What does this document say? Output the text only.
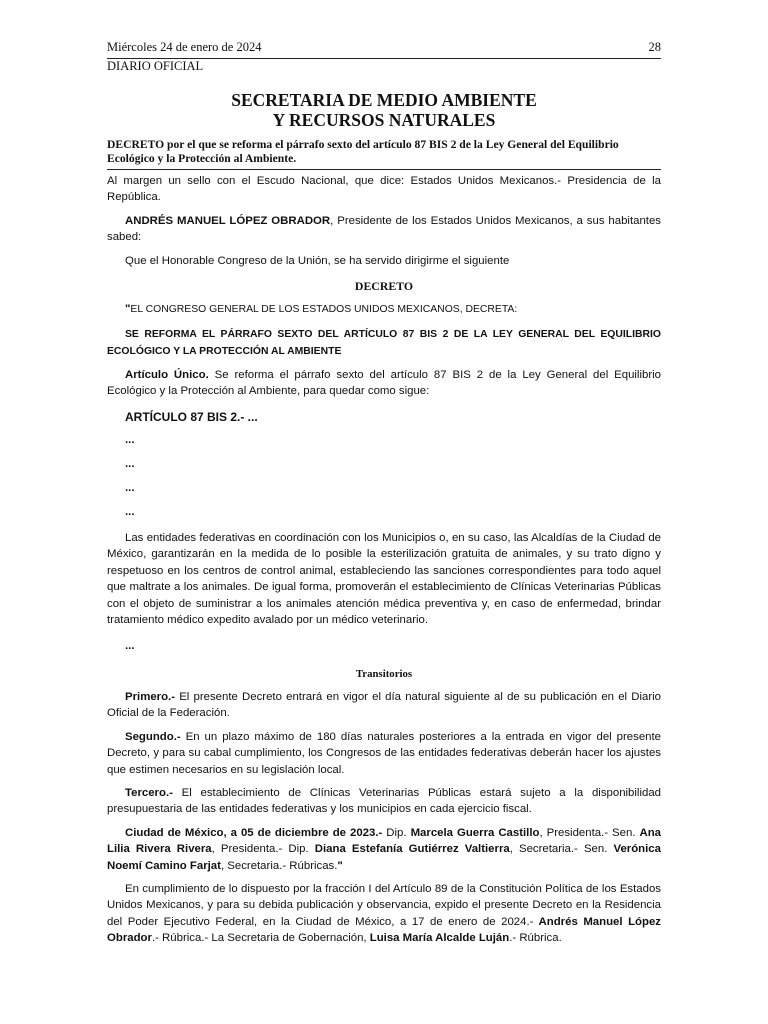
Miércoles 24 de enero de 2024	28
DIARIO OFICIAL
SECRETARIA DE MEDIO AMBIENTE
Y RECURSOS NATURALES
DECRETO por el que se reforma el párrafo sexto del artículo 87 BIS 2 de la Ley General del Equilibrio Ecológico y la Protección al Ambiente.

Al margen un sello con el Escudo Nacional, que dice: Estados Unidos Mexicanos.- Presidencia de la República.

ANDRÉS MANUEL LÓPEZ OBRADOR, Presidente de los Estados Unidos Mexicanos, a sus habitantes sabed:

Que el Honorable Congreso de la Unión, se ha servido dirigirme el siguiente

DECRETO

"EL CONGRESO GENERAL DE LOS ESTADOS UNIDOS MEXICANOS, DECRETA:

SE REFORMA EL PÁRRAFO SEXTO DEL ARTÍCULO 87 BIS 2 DE LA LEY GENERAL DEL EQUILIBRIO ECOLÓGICO Y LA PROTECCIÓN AL AMBIENTE

Artículo Único. Se reforma el párrafo sexto del artículo 87 BIS 2 de la Ley General del Equilibrio Ecológico y la Protección al Ambiente, para quedar como sigue:

ARTÍCULO 87 BIS 2.- ...

...

...

...

...

Las entidades federativas en coordinación con los Municipios o, en su caso, las Alcaldías de la Ciudad de México, garantizarán en la medida de lo posible la esterilización gratuita de animales, y su trato digno y respetuoso en los centros de control animal, estableciendo las sanciones correspondientes para todo aquel que maltrate a los animales. De igual forma, promoverán el establecimiento de Clínicas Veterinarias Públicas con el objeto de suministrar a los animales atención médica preventiva y, en caso de enfermedad, brindar tratamiento médico expedito avalado por un médico veterinario.

...

Transitorios

Primero.- El presente Decreto entrará en vigor el día natural siguiente al de su publicación en el Diario Oficial de la Federación.

Segundo.- En un plazo máximo de 180 días naturales posteriores a la entrada en vigor del presente Decreto, y para su cabal cumplimiento, los Congresos de las entidades federativas deberán hacer los ajustes que estimen necesarios en su legislación local.

Tercero.- El establecimiento de Clínicas Veterinarias Públicas estará sujeto a la disponibilidad presupuestaria de las entidades federativas y los municipios en cada ejercicio fiscal.

Ciudad de México, a 05 de diciembre de 2023.- Dip. Marcela Guerra Castillo, Presidenta.- Sen. Ana Lilia Rivera Rivera, Presidenta.- Dip. Diana Estefanía Gutiérrez Valtierra, Secretaria.- Sen. Verónica Noemí Camino Farjat, Secretaria.- Rúbricas."

En cumplimiento de lo dispuesto por la fracción I del Artículo 89 de la Constitución Política de los Estados Unidos Mexicanos, y para su debida publicación y observancia, expido el presente Decreto en la Residencia del Poder Ejecutivo Federal, en la Ciudad de México, a 17 de enero de 2024.- Andrés Manuel López Obrador.- Rúbrica.- La Secretaria de Gobernación, Luisa María Alcalde Luján.- Rúbrica.
